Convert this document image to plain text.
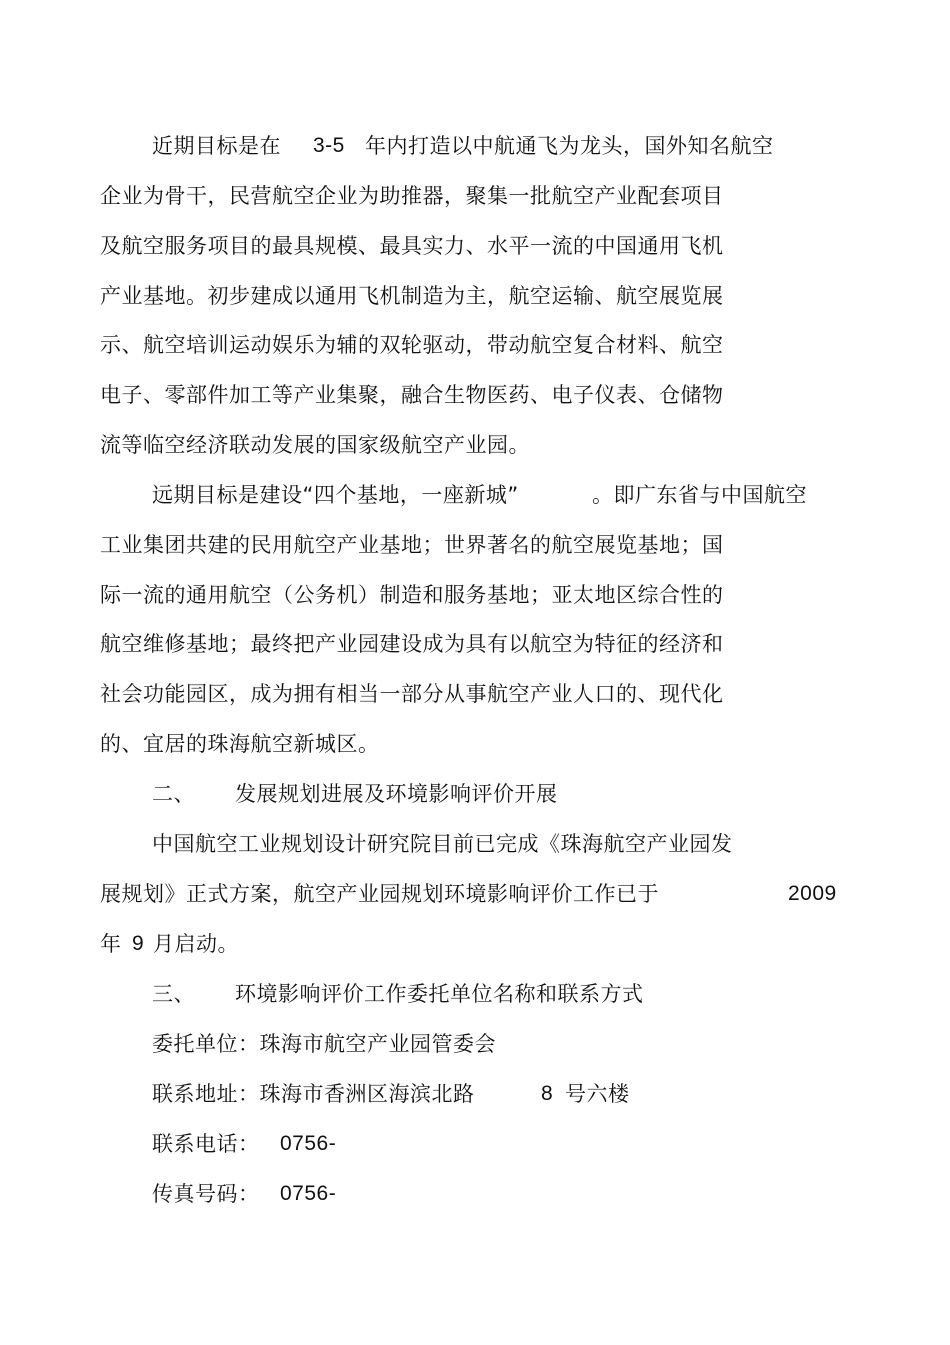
近期目标是在 3-5 年内打造以中航通飞为龙头，国外知名航空
企业为骨干，民营航空企业为助推器，聚集一批航空产业配套项目
及航空服务项目的最具规模、最具实力、水平一流的中国通用飞机
产业基地。初步建成以通用飞机制造为主，航空运输、航空展览展
示、航空培训运动娱乐为辅的双轮驱动，带动航空复合材料、航空
电子、零部件加工等产业集聚，融合生物医药、电子仪表、仓储物
流等临空经济联动发展的国家级航空产业园。
远期目标是建设“四个基地，一座新城”	。即广东省与中国航空
工业集团共建的民用航空产业基地；世界著名的航空展览基地；国
际一流的通用航空（公务机）制造和服务基地；亚太地区综合性的
航空维修基地；最终把产业园建设成为具有以航空为特征的经济和
社会功能园区，成为拥有相当一部分从事航空产业人口的、现代化
的、宜居的珠海航空新城区。
二、 发展规划进展及环境影响评价开展
中国航空工业规划设计研究院目前已完成《珠海航空产业园发
展规划》正式方案，航空产业园规划环境影响评价工作已于	2009
年 9 月启动。
三、 环境影响评价工作委托单位名称和联系方式
委托单位：珠海市航空产业园管委会
联系地址：珠海市香洲区海滨北路	8 号六楼
联系电话： 0756-
传真号码： 0756-
